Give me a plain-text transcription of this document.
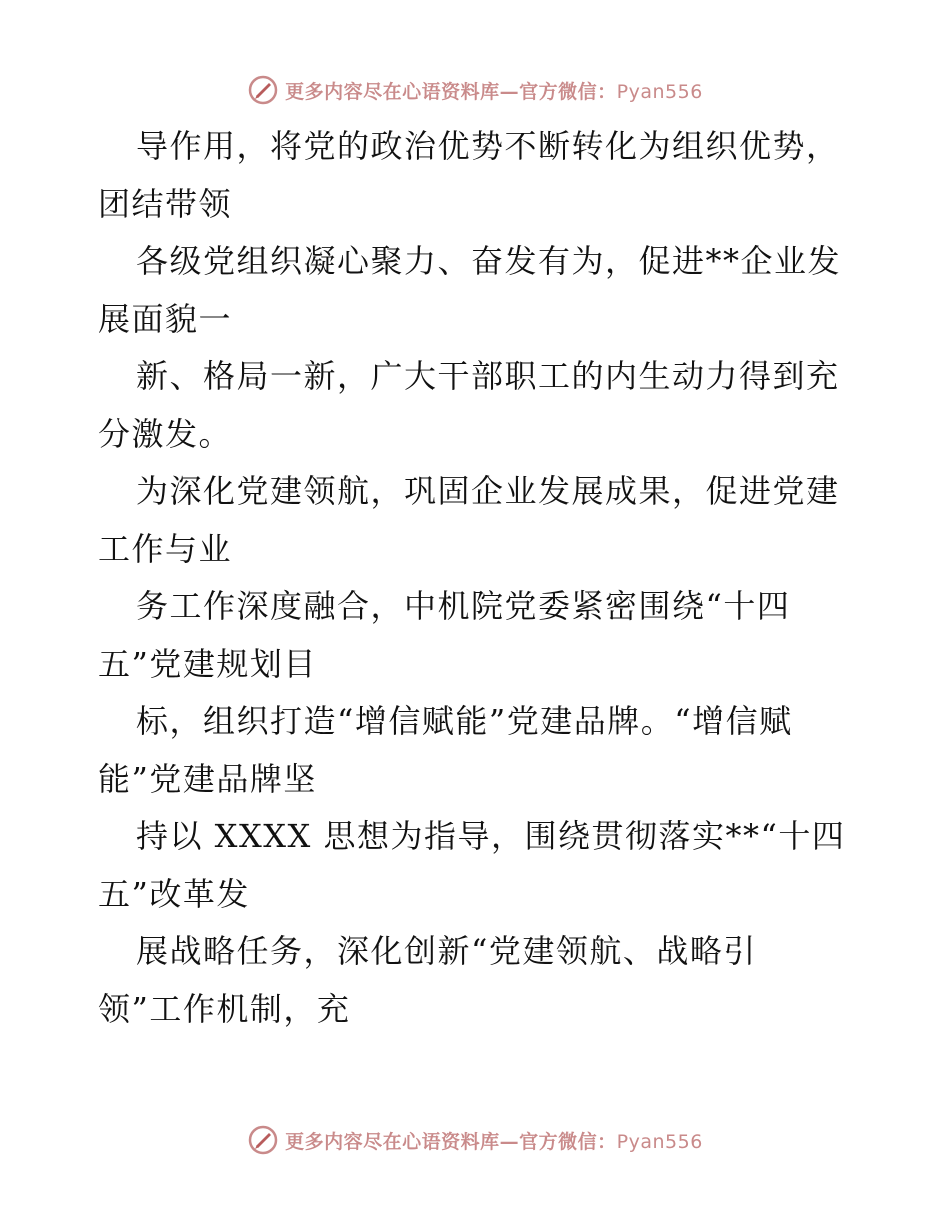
更多内容尽在心语资料库—官方微信：Pyan556
导作用，将党的政治优势不断转化为组织优势，
团结带领
各级党组织凝心聚力、奋发有为，促进**企业发
展面貌一
新、格局一新，广大干部职工的内生动力得到充
分激发。
为深化党建领航，巩固企业发展成果，促进党建
工作与业
务工作深度融合，中机院党委紧密围绕“十四
五”党建规划目
标，组织打造“增信赋能”党建品牌。“增信赋
能”党建品牌坚
持以 XXXX 思想为指导，围绕贯彻落实**“十四
五”改革发
展战略任务，深化创新“党建领航、战略引
领”工作机制，充
更多内容尽在心语资料库—官方微信：Pyan556
